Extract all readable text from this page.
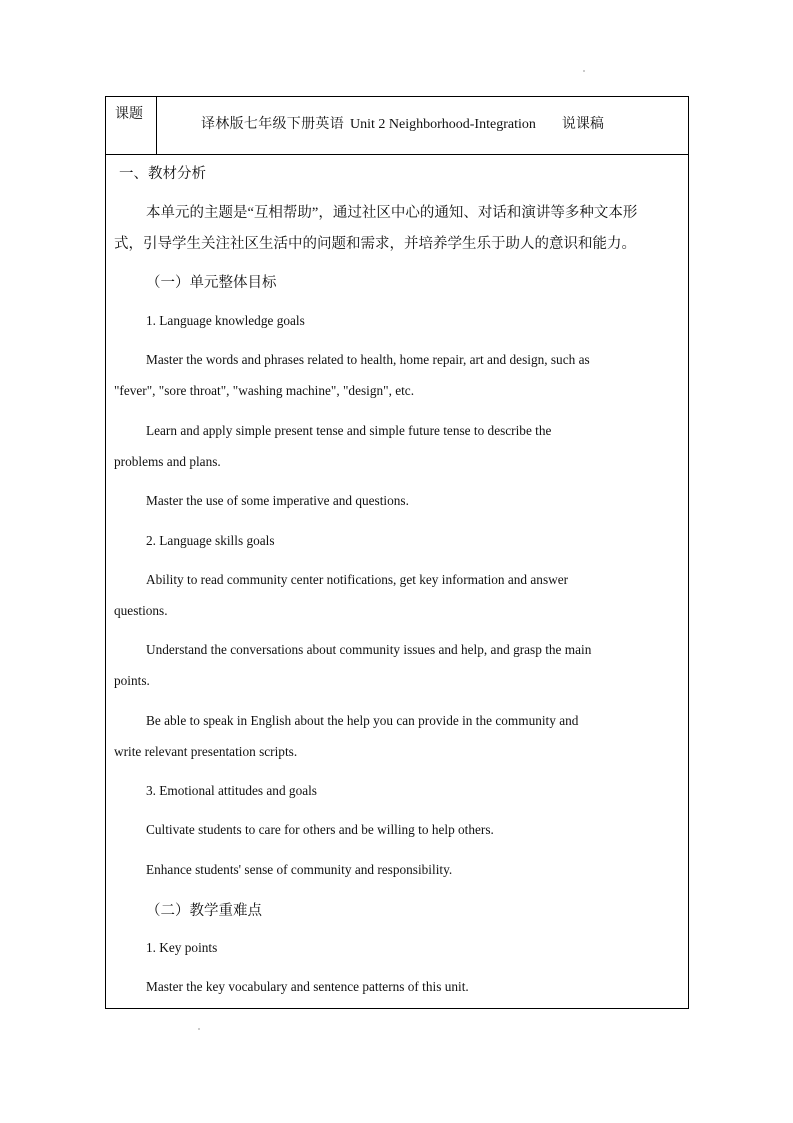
课题
译林版七年级下册英语 Unit 2 Neighborhood-Integration 说课稿
一、教材分析
本单元的主题是“互相帮助”，通过社区中心的通知、对话和演讲等多种文本形
式，引导学生关注社区生活中的问题和需求，并培养学生乐于助人的意识和能力。
（一）单元整体目标
1. Language knowledge goals
Master the words and phrases related to health, home repair, art and design, such as
"fever", "sore throat", "washing machine", "design", etc.
Learn and apply simple present tense and simple future tense to describe the
problems and plans.
Master the use of some imperative and questions.
2. Language skills goals
Ability to read community center notifications, get key information and answer
questions.
Understand the conversations about community issues and help, and grasp the main
points.
Be able to speak in English about the help you can provide in the community and
write relevant presentation scripts.
3. Emotional attitudes and goals
Cultivate students to care for others and be willing to help others.
Enhance students' sense of community and responsibility.
（二）教学重难点
1. Key points
Master the key vocabulary and sentence patterns of this unit.
